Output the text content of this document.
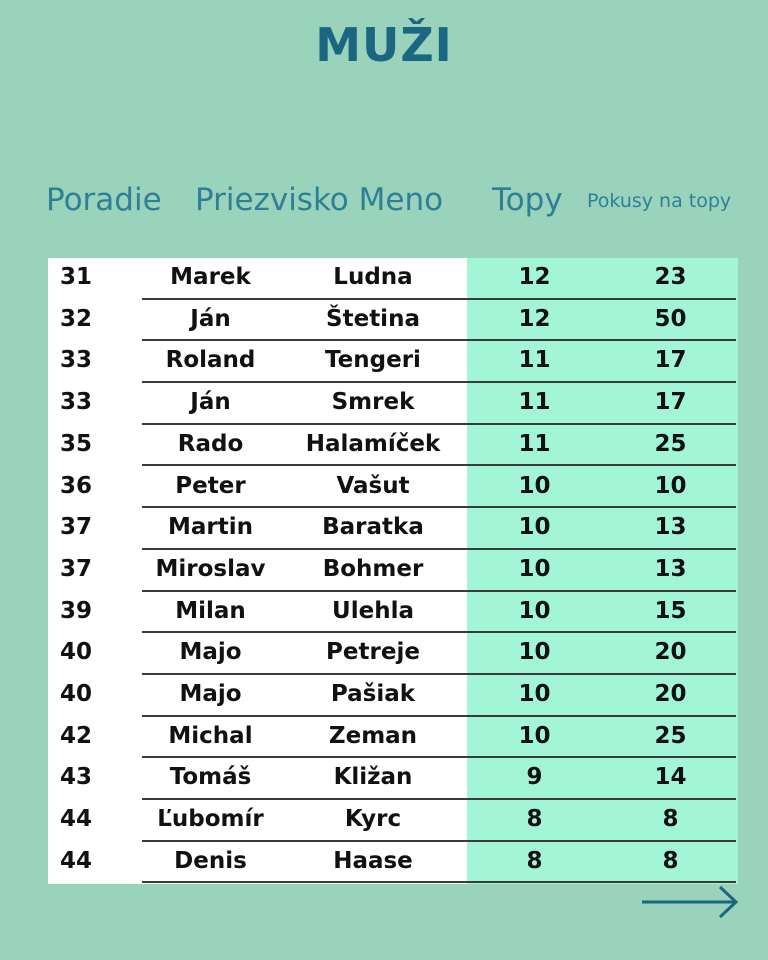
MUŽI
Poradie Priezvisko Meno Topy Pokusy na topy
31	Marek	Ludna	12	23
32	Ján	Štetina	12	50
33	Roland	Tengeri	11	17
33	Ján	Smrek	11	17
35	Rado	Halamíček	11	25
36	Peter	Vašut	10	10
37	Martin	Baratka	10	13
37	Miroslav	Bohmer	10	13
39	Milan	Ulehla	10	15
40	Majo	Petreje	10	20
40	Majo	Pašiak	10	20
42	Michal	Zeman	10	25
43	Tomáš	Kližan	9	14
44	Ľubomír	Kyrc	8	8
44	Denis	Haase	8	8
